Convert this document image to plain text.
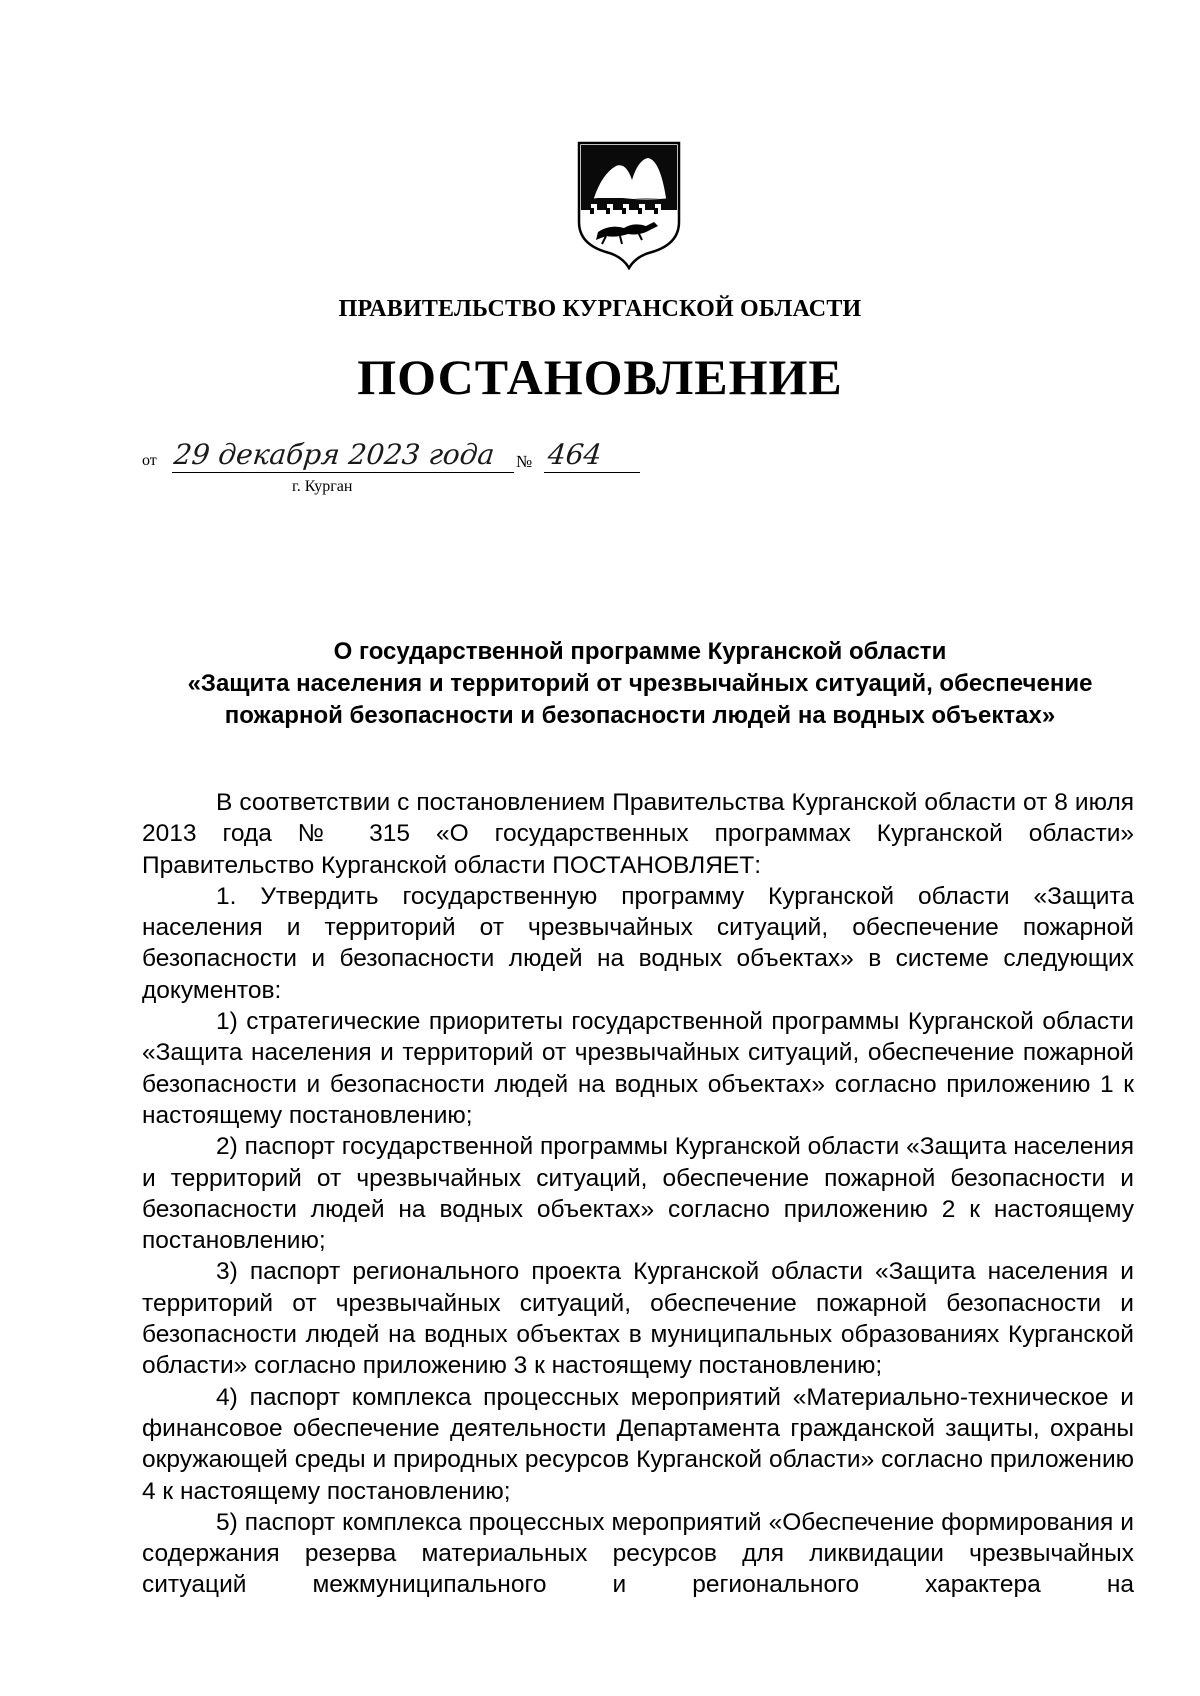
ПРАВИТЕЛЬСТВО КУРГАНСКОЙ ОБЛАСТИ
ПОСТАНОВЛЕНИЕ
от 29 декабря 2023 года № 464
г. Курган
О государственной программе Курганской области
«Защита населения и территорий от чрезвычайных ситуаций, обеспечение
пожарной безопасности и безопасности людей на водных объектах»

В соответствии с постановлением Правительства Курганской области от 8 июля 2013 года № 315 «О государственных программах Курганской области» Правительство Курганской области ПОСТАНОВЛЯЕТ:

1. Утвердить государственную программу Курганской области «Защита населения и территорий от чрезвычайных ситуаций, обеспечение пожарной безопасности и безопасности людей на водных объектах» в системе следующих документов:

1) стратегические приоритеты государственной программы Курганской области «Защита населения и территорий от чрезвычайных ситуаций, обеспечение пожарной безопасности и безопасности людей на водных объектах» согласно приложению 1 к настоящему постановлению;

2) паспорт государственной программы Курганской области «Защита населения и территорий от чрезвычайных ситуаций, обеспечение пожарной безопасности и безопасности людей на водных объектах» согласно приложению 2 к настоящему постановлению;

3) паспорт регионального проекта Курганской области «Защита населения и территорий от чрезвычайных ситуаций, обеспечение пожарной безопасности и безопасности людей на водных объектах в муниципальных образованиях Курганской области» согласно приложению 3 к настоящему постановлению;

4) паспорт комплекса процессных мероприятий «Материально-техническое и финансовое обеспечение деятельности Департамента гражданской защиты, охраны окружающей среды и природных ресурсов Курганской области» согласно приложению 4 к настоящему постановлению;

5) паспорт комплекса процессных мероприятий «Обеспечение формирования и содержания резерва материальных ресурсов для ликвидации чрезвычайных ситуаций межмуниципального и регионального характера на
